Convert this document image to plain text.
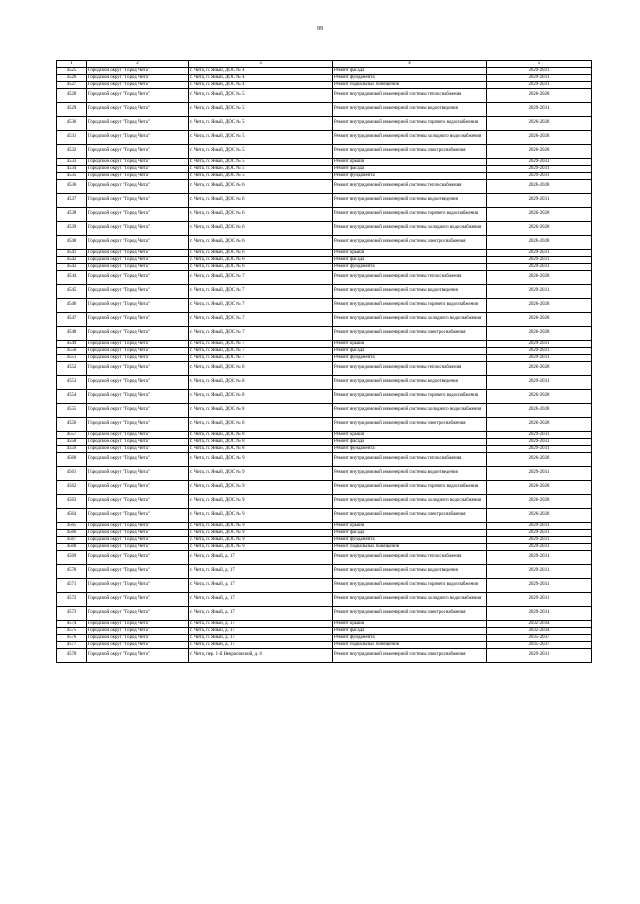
99
1	2	3	4	5
4525	Городской округ "Город Чита"	г. Чита, п. Яный, ДОС № 4	Ремонт фасада	2029-2031
4526	Городской округ "Город Чита"	г. Чита, п. Яный, ДОС № 4	Ремонт фундамента	2029-2031
4527	Городской округ "Город Чита"	г. Чита, п. Яный, ДОС № 4	Ремонт подвальных помещений	2029-2031
4528	Городской округ "Город Чита"	г. Чита, п. Яный, ДОС № 5	Ремонт внутридомовой инженерной системы теплоснабжения	2026-2028
4529	Городской округ "Город Чита"	г. Чита, п. Яный, ДОС № 5	Ремонт внутридомовой инженерной системы водоотведения	2029-2031
4530	Городской округ "Город Чита"	г. Чита, п. Яный, ДОС № 5	Ремонт внутридомовой инженерной системы горячего водоснабжения	2026-2028
4531	Городской округ "Город Чита"	г. Чита, п. Яный, ДОС № 5	Ремонт внутридомовой инженерной системы холодного водоснабжения	2026-2028
4532	Городской округ "Город Чита"	г. Чита, п. Яный, ДОС № 5	Ремонт внутридомовой инженерной системы электроснабжения	2026-2028
4533	Городской округ "Город Чита"	г. Чита, п. Яный, ДОС № 5	Ремонт крыши	2029-2031
4534	Городской округ "Город Чита"	г. Чита, п. Яный, ДОС № 5	Ремонт фасада	2029-2031
4535	Городской округ "Город Чита"	г. Чита, п. Яный, ДОС № 5	Ремонт фундамента	2029-2031
4536	Городской округ "Город Чита"	г. Чита, п. Яный, ДОС № 6	Ремонт внутридомовой инженерной системы теплоснабжения	2026-2028
4537	Городской округ "Город Чита"	г. Чита, п. Яный, ДОС № 6	Ремонт внутридомовой инженерной системы водоотведения	2029-2031
4538	Городской округ "Город Чита"	г. Чита, п. Яный, ДОС № 6	Ремонт внутридомовой инженерной системы горячего водоснабжения	2026-2028
4539	Городской округ "Город Чита"	г. Чита, п. Яный, ДОС № 6	Ремонт внутридомовой инженерной системы холодного водоснабжения	2026-2028
4540	Городской округ "Город Чита"	г. Чита, п. Яный, ДОС № 6	Ремонт внутридомовой инженерной системы электроснабжения	2026-2028
4541	Городской округ "Город Чита"	г. Чита, п. Яный, ДОС № 6	Ремонт крыши	2029-2031
4542	Городской округ "Город Чита"	г. Чита, п. Яный, ДОС № 6	Ремонт фасада	2029-2031
4543	Городской округ "Город Чита"	г. Чита, п. Яный, ДОС № 6	Ремонт фундамента	2029-2031
4544	Городской округ "Город Чита"	г. Чита, п. Яный, ДОС № 7	Ремонт внутридомовой инженерной системы теплоснабжения	2026-2028
4545	Городской округ "Город Чита"	г. Чита, п. Яный, ДОС № 7	Ремонт внутридомовой инженерной системы водоотведения	2029-2031
4546	Городской округ "Город Чита"	г. Чита, п. Яный, ДОС № 7	Ремонт внутридомовой инженерной системы горячего водоснабжения	2026-2028
4547	Городской округ "Город Чита"	г. Чита, п. Яный, ДОС № 7	Ремонт внутридомовой инженерной системы холодного водоснабжения	2026-2028
4548	Городской округ "Город Чита"	г. Чита, п. Яный, ДОС № 7	Ремонт внутридомовой инженерной системы электроснабжения	2026-2028
4549	Городской округ "Город Чита"	г. Чита, п. Яный, ДОС № 7	Ремонт крыши	2029-2031
4550	Городской округ "Город Чита"	г. Чита, п. Яный, ДОС № 7	Ремонт фасада	2029-2031
4551	Городской округ "Город Чита"	г. Чита, п. Яный, ДОС № 7	Ремонт фундамента	2029-2031
4552	Городской округ "Город Чита"	г. Чита, п. Яный, ДОС № 8	Ремонт внутридомовой инженерной системы теплоснабжения	2026-2028
4553	Городской округ "Город Чита"	г. Чита, п. Яный, ДОС № 8	Ремонт внутридомовой инженерной системы водоотведения	2029-2031
4554	Городской округ "Город Чита"	г. Чита, п. Яный, ДОС № 8	Ремонт внутридомовой инженерной системы горячего водоснабжения	2026-2028
4555	Городской округ "Город Чита"	г. Чита, п. Яный, ДОС № 8	Ремонт внутридомовой инженерной системы холодного водоснабжения	2026-2028
4556	Городской округ "Город Чита"	г. Чита, п. Яный, ДОС № 8	Ремонт внутридомовой инженерной системы электроснабжения	2026-2028
4557	Городской округ "Город Чита"	г. Чита, п. Яный, ДОС № 8	Ремонт крыши	2029-2031
4558	Городской округ "Город Чита"	г. Чита, п. Яный, ДОС № 8	Ремонт фасада	2029-2031
4559	Городской округ "Город Чита"	г. Чита, п. Яный, ДОС № 8	Ремонт фундамента	2029-2031
4560	Городской округ "Город Чита"	г. Чита, п. Яный, ДОС № 9	Ремонт внутридомовой инженерной системы теплоснабжения	2026-2028
4561	Городской округ "Город Чита"	г. Чита, п. Яный, ДОС № 9	Ремонт внутридомовой инженерной системы водоотведения	2029-2031
4562	Городской округ "Город Чита"	г. Чита, п. Яный, ДОС № 9	Ремонт внутридомовой инженерной системы горячего водоснабжения	2026-2028
4563	Городской округ "Город Чита"	г. Чита, п. Яный, ДОС № 9	Ремонт внутридомовой инженерной системы холодного водоснабжения	2026-2028
4564	Городской округ "Город Чита"	г. Чита, п. Яный, ДОС № 9	Ремонт внутридомовой инженерной системы электроснабжения	2026-2028
4565	Городской округ "Город Чита"	г. Чита, п. Яный, ДОС № 9	Ремонт крыши	2029-2031
4566	Городской округ "Город Чита"	г. Чита, п. Яный, ДОС № 9	Ремонт фасада	2029-2031
4567	Городской округ "Город Чита"	г. Чита, п. Яный, ДОС № 9	Ремонт фундамента	2029-2031
4568	Городской округ "Город Чита"	г. Чита, п. Яный, ДОС № 9	Ремонт подвальных помещений	2029-2031
4569	Городской округ "Город Чита"	г. Чита, п. Яный, д. 17	Ремонт внутридомовой инженерной системы теплоснабжения	2029-2031
4570	Городской округ "Город Чита"	г. Чита, п. Яный, д. 17	Ремонт внутридомовой инженерной системы водоотведения	2029-2031
4571	Городской округ "Город Чита"	г. Чита, п. Яный, д. 17	Ремонт внутридомовой инженерной системы горячего водоснабжения	2029-2031
4572	Городской округ "Город Чита"	г. Чита, п. Яный, д. 17	Ремонт внутридомовой инженерной системы холодного водоснабжения	2029-2031
4573	Городской округ "Город Чита"	г. Чита, п. Яный, д. 17	Ремонт внутридомовой инженерной системы электроснабжения	2029-2031
4574	Городской округ "Город Чита"	г. Чита, п. Яный, д. 17	Ремонт крыши	2032-2034
4575	Городской округ "Город Чита"	г. Чита, п. Яный, д. 17	Ремонт фасада	2032-2034
4576	Городской округ "Город Чита"	г. Чита, п. Яный, д. 17	Ремонт фундамента	2035-2037
4577	Городской округ "Город Чита"	г. Чита, п. Яный, д. 17	Ремонт подвальных помещений	2035-2037
4578	Городской округ "Город Чита"	г. Чита, пер. 1-й Некрасовский, д. 6	Ремонт внутридомовой инженерной системы электроснабжения	2029-2031
